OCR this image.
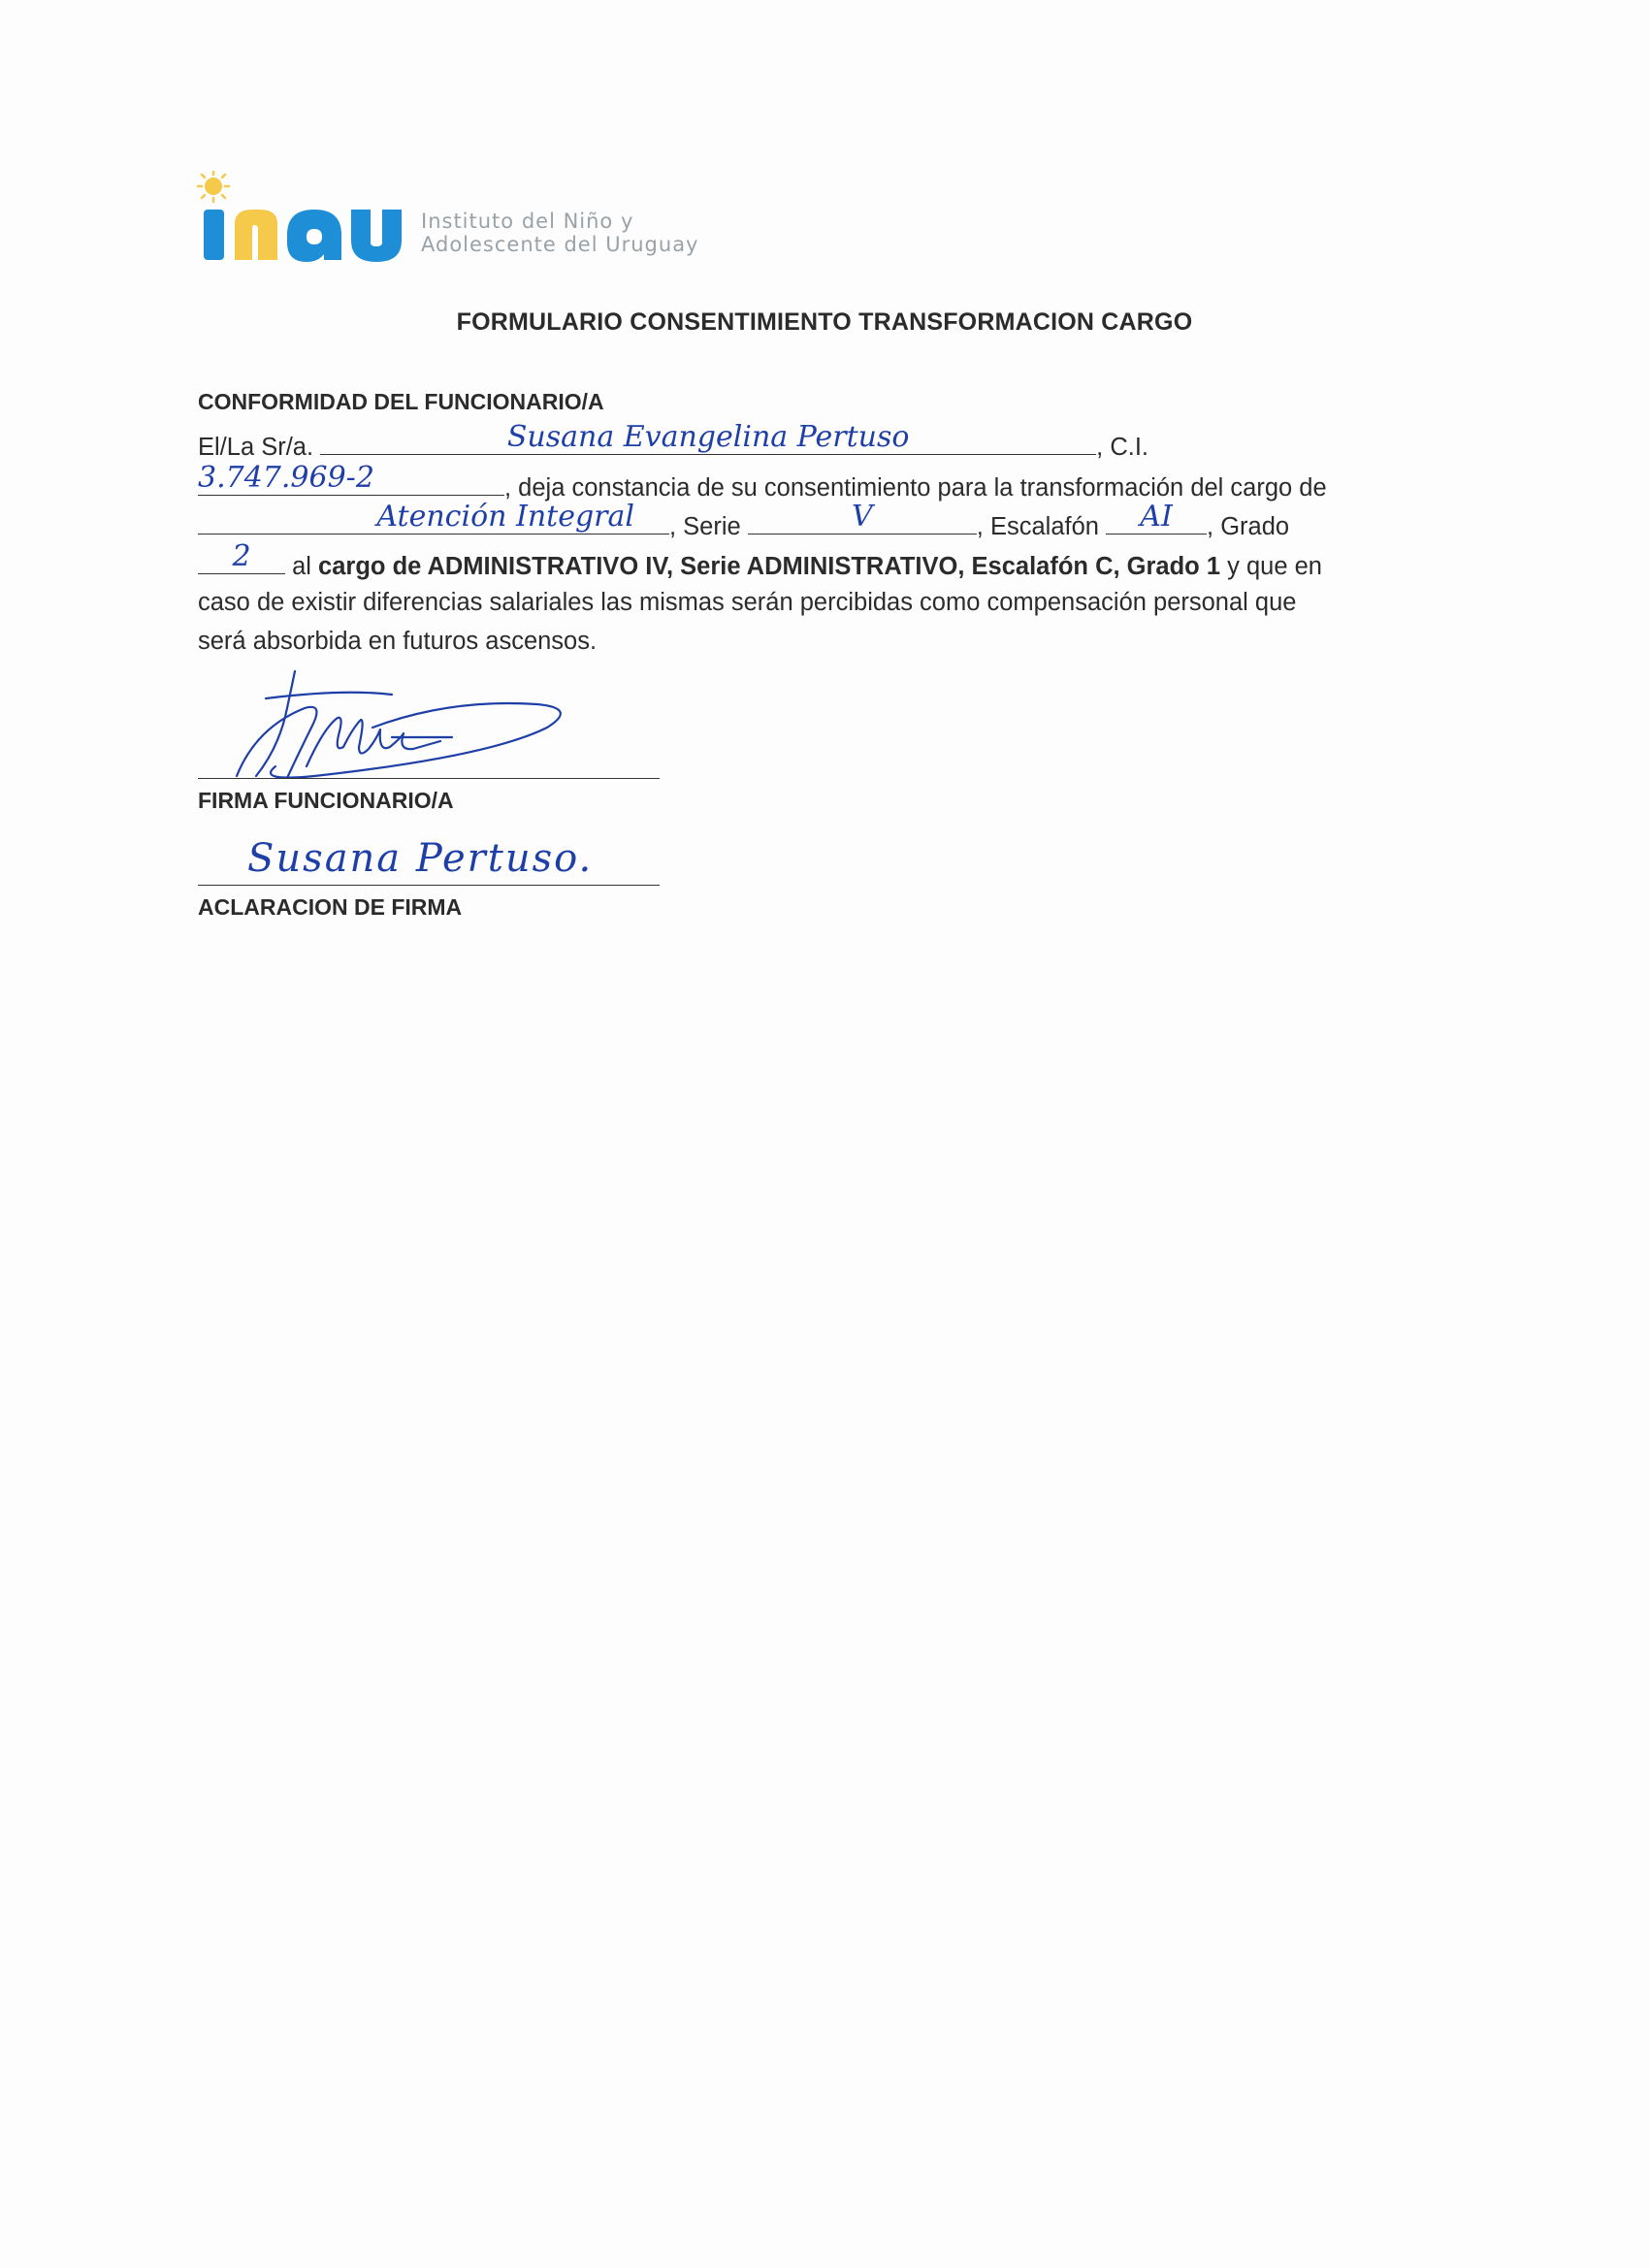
Instituto del Niño y
Adolescente del Uruguay
FORMULARIO CONSENTIMIENTO TRANSFORMACION CARGO
CONFORMIDAD DEL FUNCIONARIO/A
El/La Sr/a.	Susana Evangelina Pertuso	, C.I.
3.747.969-2	, deja constancia de su consentimiento para la transformación del cargo de
Atención Integral	, Serie	V	, Escalafón	AI	, Grado
2	al cargo de ADMINISTRATIVO IV, Serie ADMINISTRATIVO, Escalafón C, Grado 1 y que en
caso de existir diferencias salariales las mismas serán percibidas como compensación personal que
será absorbida en futuros ascensos.
FIRMA FUNCIONARIO/A
Susana Pertuso.
ACLARACION DE FIRMA
